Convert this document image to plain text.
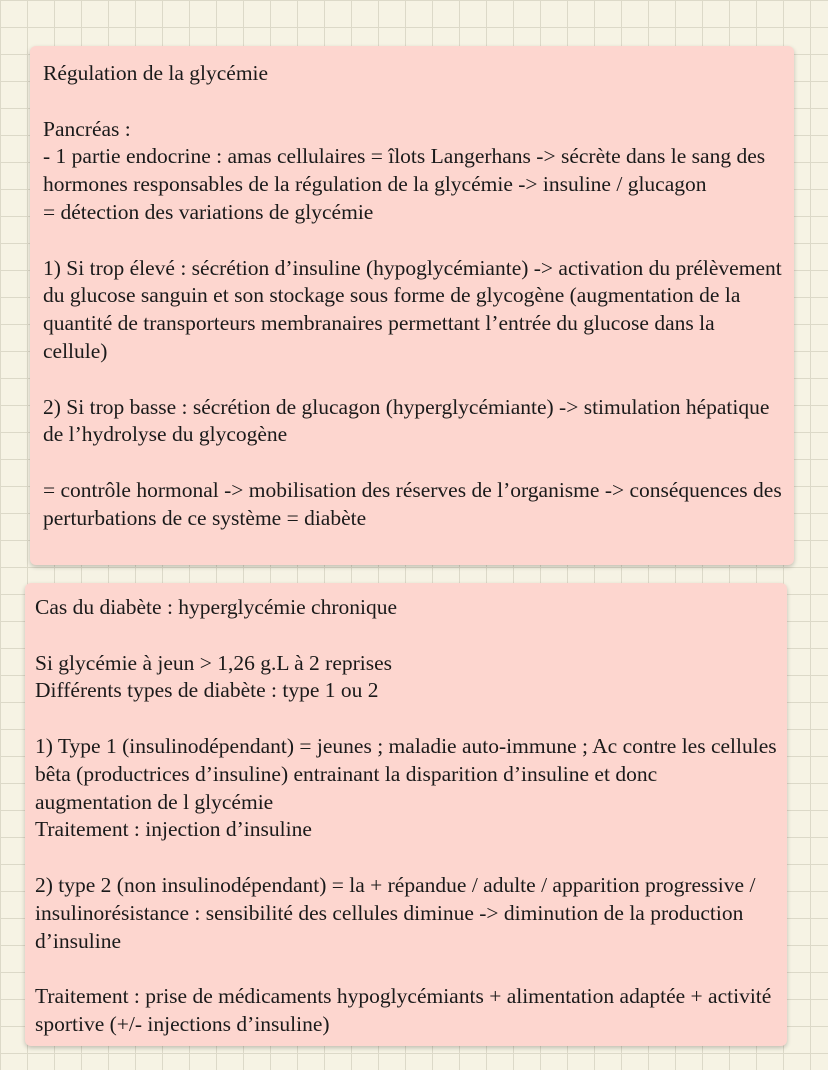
Régulation de la glycémie
Pancréas :
- 1 partie endocrine : amas cellulaires = îlots Langerhans -> sécrète dans le sang des hormones responsables de la régulation de la glycémie -> insuline / glucagon
= détection des variations de glycémie
1) Si trop élevé : sécrétion d’insuline (hypoglycémiante) -> activation du prélèvement du glucose sanguin et son stockage sous forme de glycogène (augmentation de la quantité de transporteurs membranaires permettant l’entrée du glucose dans la cellule)
2) Si trop basse : sécrétion de glucagon (hyperglycémiante) -> stimulation hépatique de l’hydrolyse du glycogène
= contrôle hormonal -> mobilisation des réserves de l’organisme -> conséquences des perturbations de ce système = diabète
Cas du diabète : hyperglycémie chronique
Si glycémie à jeun > 1,26 g.L à 2 reprises
Différents types de diabète : type 1 ou 2
1) Type 1 (insulinodépendant) = jeunes ; maladie auto-immune ; Ac contre les cellules bêta (productrices d’insuline) entrainant la disparition d’insuline et donc augmentation de l glycémie
Traitement : injection d’insuline
2) type 2 (non insulinodépendant) = la + répandue / adulte / apparition progressive / insulinorésistance : sensibilité des cellules diminue -> diminution de la production d’insuline
Traitement : prise de médicaments hypoglycémiants + alimentation adaptée + activité sportive (+/- injections d’insuline)
